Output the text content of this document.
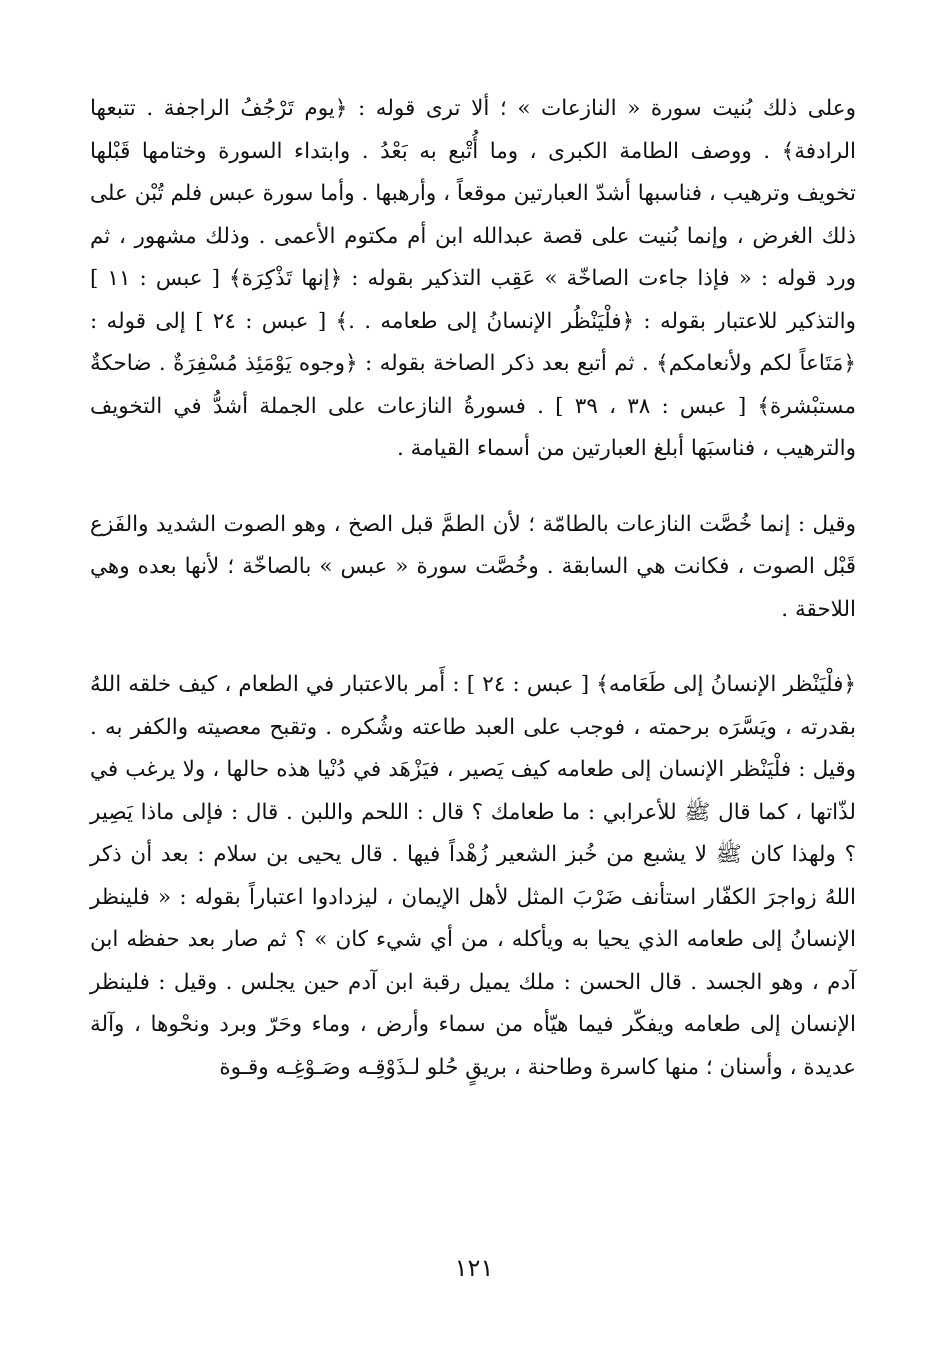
وعلى ذلك بُنيت سورة « النازعات » ؛ ألا ترى قوله : ﴿يوم تَرْجُفُ الراجفة . تتبعها الرادفة﴾ . ووصف الطامة الكبرى ، وما أُتْبع به بَعْدُ . وابتداء السورة وختامها قَبْلها تخويف وترهيب ، فناسبها أشدّ العبارتين موقعاً ، وأرهبها . وأما سورة عبس فلم تُبْن على ذلك الغرض ، وإنما بُنيت على قصة عبدالله ابن أم مكتوم الأعمى . وذلك مشهور ، ثم ورد قوله : « فإذا جاءت الصاخّة » عَقِب التذكير بقوله : ﴿إنها تَذْكِرَة﴾ [ عبس : ١١ ] والتذكير للاعتبار بقوله : ﴿فلْيَنْظُر الإنسانُ إلى طعامه . .﴾ [ عبس : ٢٤ ] إلى قوله : ﴿مَتَاعاً لكم ولأنعامكم﴾ . ثم أتبع بعد ذكر الصاخة بقوله : ﴿وجوه يَوْمَئِذ مُسْفِرَةٌ . ضاحكةٌ مستبْشرة﴾ [ عبس : ٣٨ ، ٣٩ ] . فسورةُ النازعات على الجملة أشدُّ في التخويف والترهيب ، فناسبَها أبلغ العبارتين من أسماء القيامة .

وقيل : إنما خُصَّت النازعات بالطامّة ؛ لأن الطمَّ قبل الصخ ، وهو الصوت الشديد والفَزع قَبْل الصوت ، فكانت هي السابقة . وخُصَّت سورة « عبس » بالصاخّة ؛ لأنها بعده وهي اللاحقة .

﴿فلْيَنْظر الإنسانُ إلى طَعَامه﴾ [ عبس : ٢٤ ] : أَمر بالاعتبار في الطعام ، كيف خلقه اللهُ بقدرته ، ويَسَّرَه برحمته ، فوجب على العبد طاعته وشُكره . وتقبح معصيته والكفر به . وقيل : فلْيَنْظر الإنسان إلى طعامه كيف يَصير ، فيَزْهَد في دُنْيا هذه حالها ، ولا يرغب في لذّاتها ، كما قال ﷺ للأعرابي : ما طعامك ؟ قال : اللحم واللبن . قال : فإلى ماذا يَصِير ؟ ولهذا كان ﷺ لا يشبع من خُبز الشعير زُهْداً فيها . قال يحيى بن سلام : بعد أن ذكر اللهُ زواجرَ الكفّار استأنف ضَرْبَ المثل لأهل الإيمان ، ليزدادوا اعتباراً بقوله : « فلينظر الإنسانُ إلى طعامه الذي يحيا به ويأكله ، من أي شيء كان » ؟ ثم صار بعد حفظه ابن آدم ، وهو الجسد . قال الحسن : ملك يميل رقبة ابن آدم حين يجلس . وقيل : فلينظر الإنسان إلى طعامه ويفكّر فيما هيّأه من سماء وأرض ، وماء وحَرّ وبرد ونحْوها ، وآلة عديدة ، وأسنان ؛ منها كاسرة وطاحنة ، بريقٍ حُلو لـذَوْقِـه وصَـوْغِـه وقـوة

١٢١
